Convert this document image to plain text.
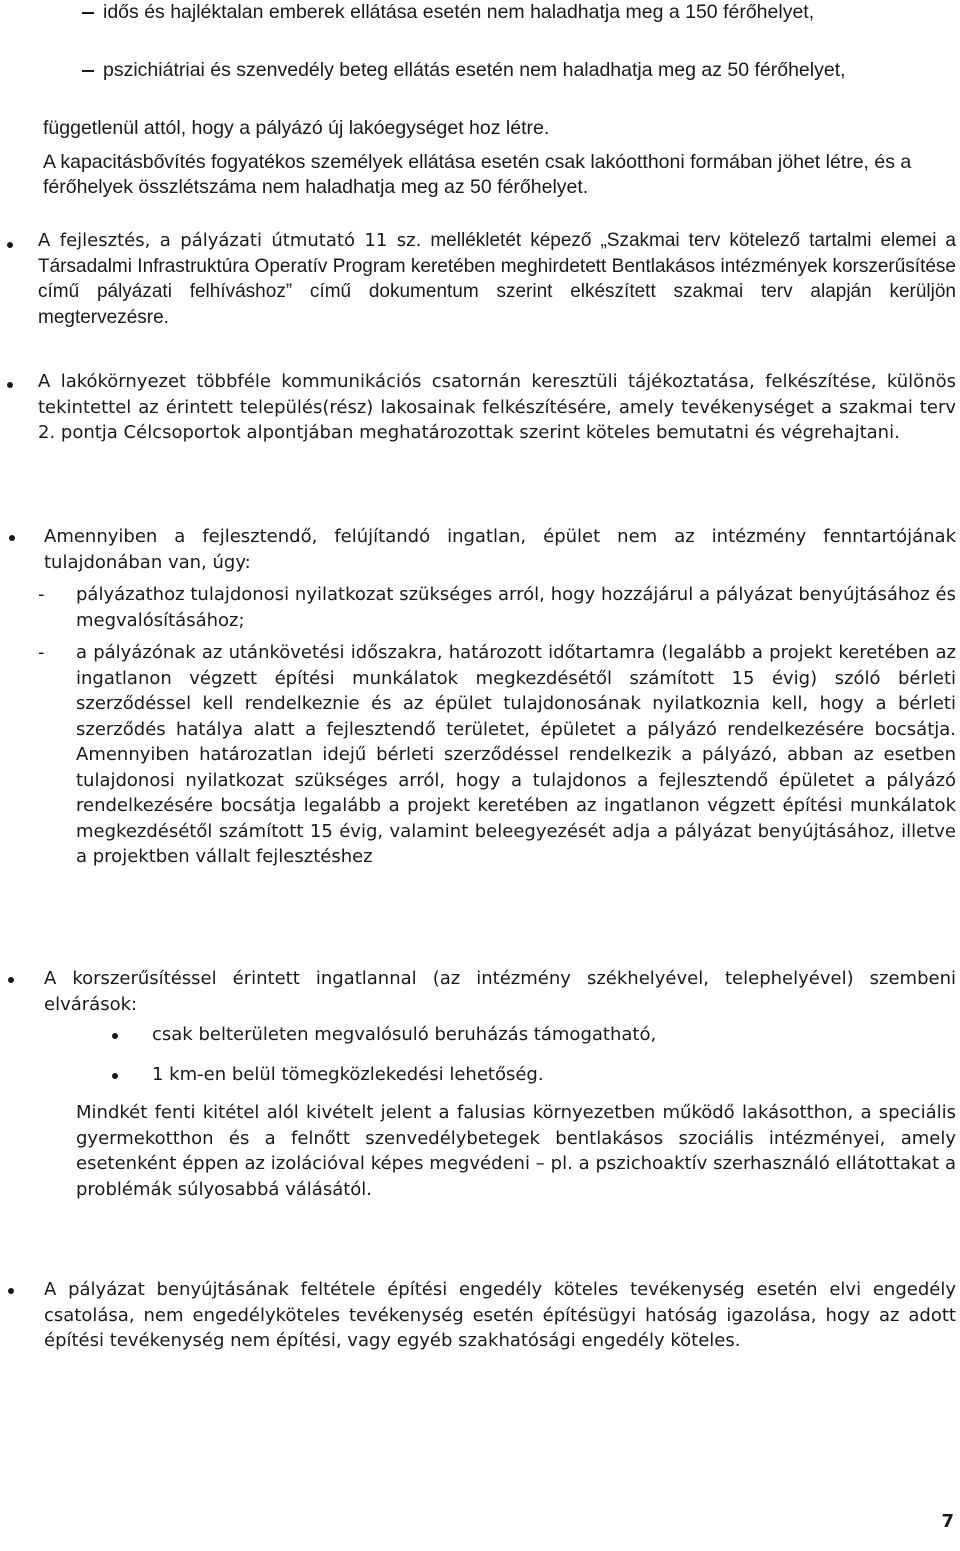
idős és hajléktalan emberek ellátása esetén nem haladhatja meg a 150 férőhelyet,

pszichiátriai és szenvedély beteg ellátás esetén nem haladhatja meg az 50 férőhelyet,

függetlenül attól, hogy a pályázó új lakóegységet hoz létre.

A kapacitásbővítés fogyatékos személyek ellátása esetén csak lakóotthoni formában jöhet létre, és a férőhelyek összlétszáma nem haladhatja meg az 50 férőhelyet.

A fejlesztés, a pályázati útmutató 11 sz. mellékletét képező „Szakmai terv kötelező tartalmi elemei a Társadalmi Infrastruktúra Operatív Program keretében meghirdetett Bentlakásos intézmények korszerűsítése című pályázati felhíváshoz” című dokumentum szerint elkészített szakmai terv alapján kerüljön megtervezésre.

A lakókörnyezet többféle kommunikációs csatornán keresztüli tájékoztatása, felkészítése, különös tekintettel az érintett település(rész) lakosainak felkészítésére, amely tevékenységet a szakmai terv 2. pontja Célcsoportok alpontjában meghatározottak szerint köteles bemutatni és végrehajtani.

Amennyiben a fejlesztendő, felújítandó ingatlan, épület nem az intézmény fenntartójának tulajdonában van, úgy:

- pályázathoz tulajdonosi nyilatkozat szükséges arról, hogy hozzájárul a pályázat benyújtásához és megvalósításához;

- a pályázónak az utánkövetési időszakra, határozott időtartamra (legalább a projekt keretében az ingatlanon végzett építési munkálatok megkezdésétől számított 15 évig) szóló bérleti szerződéssel kell rendelkeznie és az épület tulajdonosának nyilatkoznia kell, hogy a bérleti szerződés hatálya alatt a fejlesztendő területet, épületet a pályázó rendelkezésére bocsátja. Amennyiben határozatlan idejű bérleti szerződéssel rendelkezik a pályázó, abban az esetben tulajdonosi nyilatkozat szükséges arról, hogy a tulajdonos a fejlesztendő épületet a pályázó rendelkezésére bocsátja legalább a projekt keretében az ingatlanon végzett építési munkálatok megkezdésétől számított 15 évig, valamint beleegyezését adja a pályázat benyújtásához, illetve a projektben vállalt fejlesztéshez

A korszerűsítéssel érintett ingatlannal (az intézmény székhelyével, telephelyével) szembeni elvárások:

csak belterületen megvalósuló beruházás támogatható,

1 km-en belül tömegközlekedési lehetőség.

Mindkét fenti kitétel alól kivételt jelent a falusias környezetben működő lakásotthon, a speciális gyermekotthon és a felnőtt szenvedélybetegek bentlakásos szociális intézményei, amely esetenként éppen az izolációval képes megvédeni – pl. a pszichoaktív szerhasználó ellátottakat a problémák súlyosabbá válásától.

A pályázat benyújtásának feltétele építési engedély köteles tevékenység esetén elvi engedély csatolása, nem engedélyköteles tevékenység esetén építésügyi hatóság igazolása, hogy az adott építési tevékenység nem építési, vagy egyéb szakhatósági engedély köteles.

7
